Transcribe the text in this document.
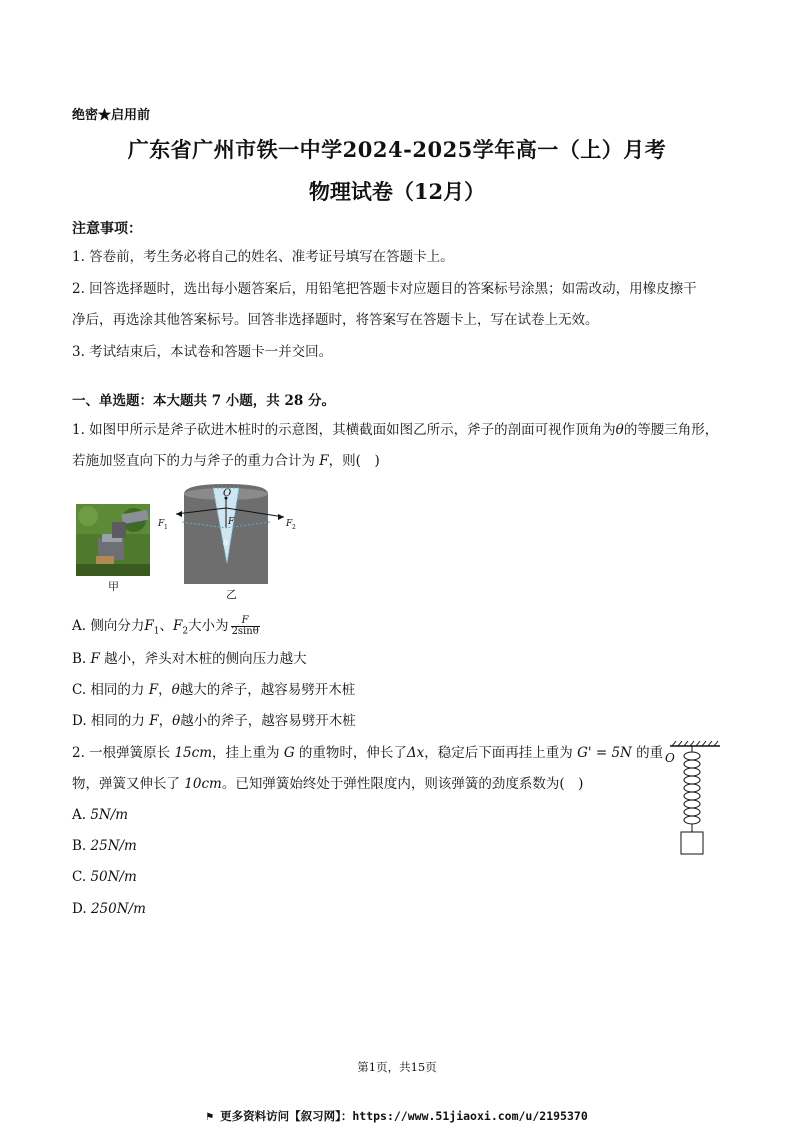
绝密★启用前
广东省广州市铁一中学2024-2025学年高一（上）月考
物理试卷（12月）
注意事项：
1. 答卷前，考生务必将自己的姓名、准考证号填写在答题卡上。
2. 回答选择题时，选出每小题答案后，用铅笔把答题卡对应题目的答案标号涂黑；如需改动，用橡皮擦干
净后，再选涂其他答案标号。回答非选择题时，将答案写在答题卡上，写在试卷上无效。
3. 考试结束后，本试卷和答题卡一并交回。
一、单选题：本大题共 7 小题，共 28 分。
1. 如图甲所示是斧子砍进木桩时的示意图，其横截面如图乙所示，斧子的剖面可视作顶角为θ的等腰三角形，
若施加竖直向下的力与斧子的重力合计为 F，则(　)
甲
O
F
F 1	F 2
θ
乙
A. 侧向分力$F_1$、$F_2$大小为 $\frac{F}{2\sin\theta}$
B. F 越小，斧头对木桩的侧向压力越大
C. 相同的力 F，θ越大的斧子，越容易劈开木桩
D. 相同的力 F，θ越小的斧子，越容易劈开木桩
2. 一根弹簧原长 15cm，挂上重为 G 的重物时，伸长了Δx，稳定后下面再挂上重为 G' = 5N 的重
物，弹簧又伸长了 10cm。已知弹簧始终处于弹性限度内，则该弹簧的劲度系数为(　)
O
A. 5N/m
B. 25N/m
C. 50N/m
D. 250N/m
第1页，共15页
⚑ 更多资料访问【叙习网】：https://www.51jiaoxi.com/u/2195370
